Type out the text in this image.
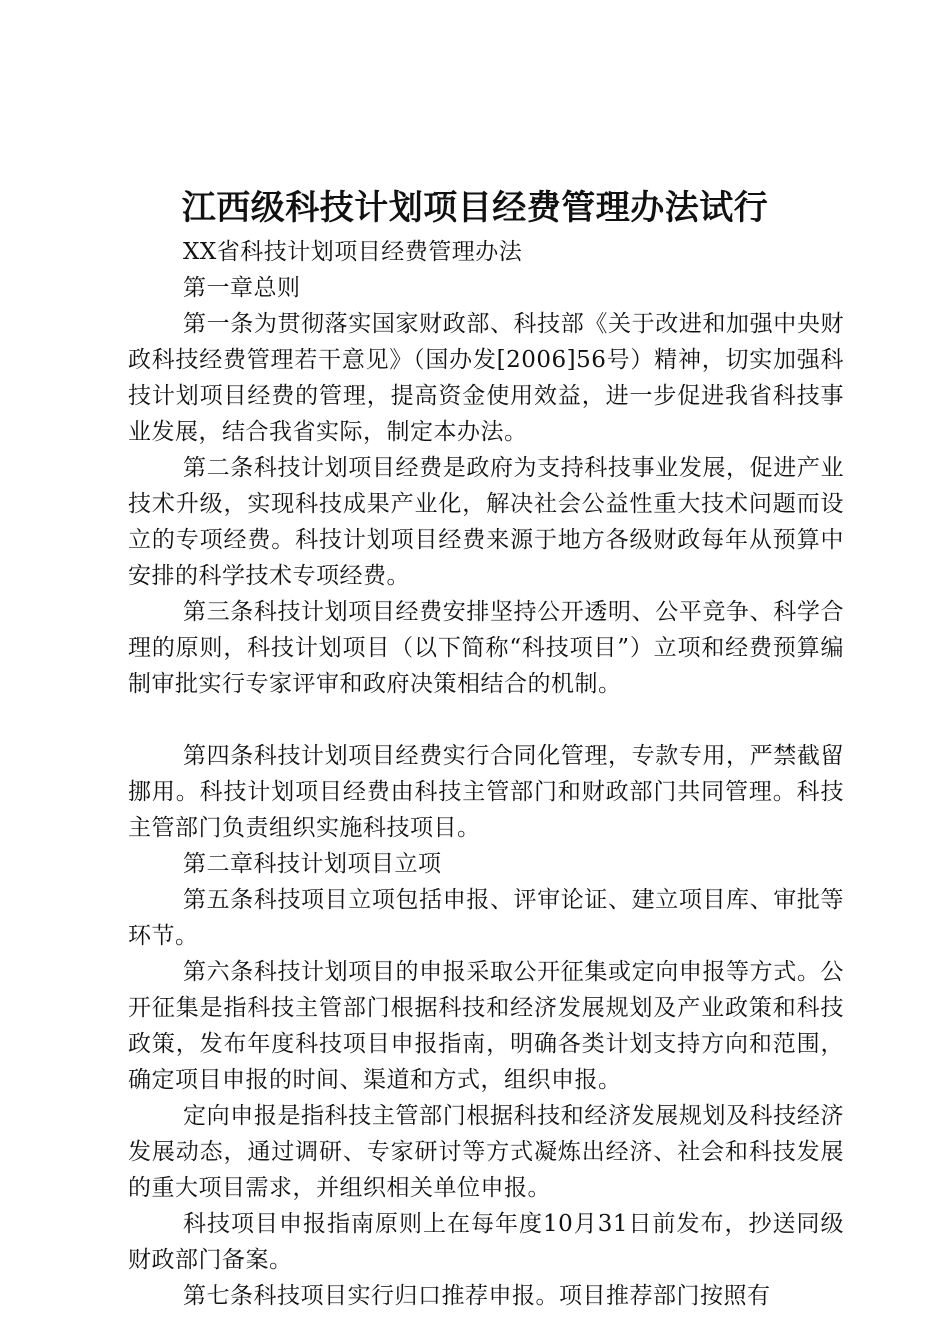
江西级科技计划项目经费管理办法试行

XX省科技计划项目经费管理办法

第一章总则

第一条为贯彻落实国家财政部、科技部《关于改进和加强中央财政科技经费管理若干意见》（国办发[2006]56号）精神，切实加强科技计划项目经费的管理，提高资金使用效益，进一步促进我省科技事业发展，结合我省实际，制定本办法。

第二条科技计划项目经费是政府为支持科技事业发展，促进产业技术升级，实现科技成果产业化，解决社会公益性重大技术问题而设立的专项经费。科技计划项目经费来源于地方各级财政每年从预算中安排的科学技术专项经费。

第三条科技计划项目经费安排坚持公开透明、公平竞争、科学合理的原则，科技计划项目（以下简称“科技项目”）立项和经费预算编制审批实行专家评审和政府决策相结合的机制。

第四条科技计划项目经费实行合同化管理，专款专用，严禁截留挪用。科技计划项目经费由科技主管部门和财政部门共同管理。科技主管部门负责组织实施科技项目。

第二章科技计划项目立项

第五条科技项目立项包括申报、评审论证、建立项目库、审批等环节。

第六条科技计划项目的申报采取公开征集或定向申报等方式。公开征集是指科技主管部门根据科技和经济发展规划及产业政策和科技政策，发布年度科技项目申报指南，明确各类计划支持方向和范围，确定项目申报的时间、渠道和方式，组织申报。

定向申报是指科技主管部门根据科技和经济发展规划及科技经济发展动态，通过调研、专家研讨等方式凝炼出经济、社会和科技发展的重大项目需求，并组织相关单位申报。

科技项目申报指南原则上在每年度10月31日前发布，抄送同级财政部门备案。

第七条科技项目实行归口推荐申报。项目推荐部门按照有
